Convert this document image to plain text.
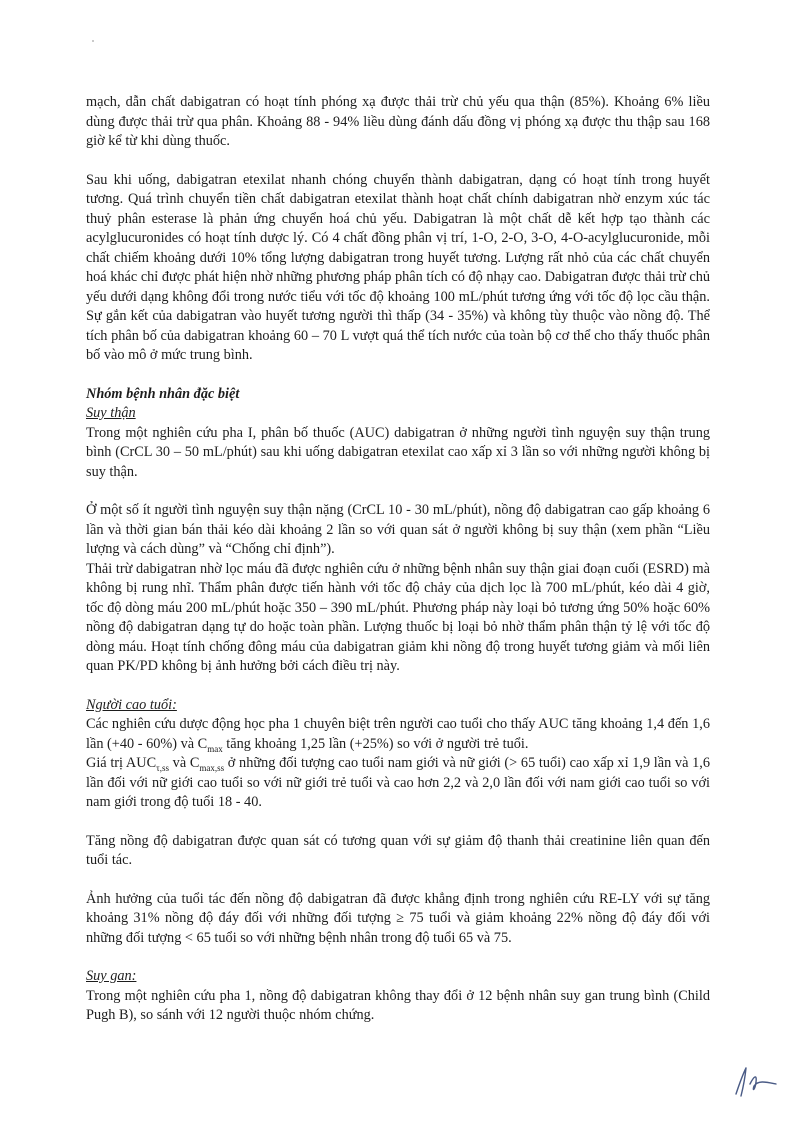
mạch, dẫn chất dabigatran có hoạt tính phóng xạ được thải trừ chủ yếu qua thận (85%). Khoảng 6% liều dùng được thải trừ qua phân. Khoảng 88 - 94% liều dùng đánh dấu đồng vị phóng xạ được thu thập sau 168 giờ kể từ khi dùng thuốc.

Sau khi uống, dabigatran etexilat nhanh chóng chuyển thành dabigatran, dạng có hoạt tính trong huyết tương. Quá trình chuyển tiền chất dabigatran etexilat thành hoạt chất chính dabigatran nhờ enzym xúc tác thuỷ phân esterase là phản ứng chuyển hoá chủ yếu. Dabigatran là một chất dễ kết hợp tạo thành các acylglucuronides có hoạt tính dược lý. Có 4 chất đồng phân vị trí, 1-O, 2-O, 3-O, 4-O-acylglucuronide, mỗi chất chiếm khoảng dưới 10% tổng lượng dabigatran trong huyết tương. Lượng rất nhỏ của các chất chuyển hoá khác chỉ được phát hiện nhờ những phương pháp phân tích có độ nhạy cao. Dabigatran được thải trừ chủ yếu dưới dạng không đổi trong nước tiểu với tốc độ khoảng 100 mL/phút tương ứng với tốc độ lọc cầu thận. Sự gắn kết của dabigatran vào huyết tương người thì thấp (34 - 35%) và không tùy thuộc vào nồng độ. Thể tích phân bố của dabigatran khoảng 60 – 70 L vượt quá thể tích nước của toàn bộ cơ thể cho thấy thuốc phân bố vào mô ở mức trung bình.

Nhóm bệnh nhân đặc biệt

Suy thận

Trong một nghiên cứu pha I, phân bố thuốc (AUC) dabigatran ở những người tình nguyện suy thận trung bình (CrCL 30 – 50 mL/phút) sau khi uống dabigatran etexilat cao xấp xỉ 3 lần so với những người không bị suy thận.

Ở một số ít người tình nguyện suy thận nặng (CrCL 10 - 30 mL/phút), nồng độ dabigatran cao gấp khoảng 6 lần và thời gian bán thải kéo dài khoảng 2 lần so với quan sát ở người không bị suy thận (xem phần “Liều lượng và cách dùng” và “Chống chỉ định”).

Thải trừ dabigatran nhờ lọc máu đã được nghiên cứu ở những bệnh nhân suy thận giai đoạn cuối (ESRD) mà không bị rung nhĩ. Thẩm phân được tiến hành với tốc độ chảy của dịch lọc là 700 mL/phút, kéo dài 4 giờ, tốc độ dòng máu 200 mL/phút hoặc 350 – 390 mL/phút. Phương pháp này loại bỏ tương ứng 50% hoặc 60% nồng độ dabigatran dạng tự do hoặc toàn phần. Lượng thuốc bị loại bỏ nhờ thẩm phân thận tỷ lệ với tốc độ dòng máu. Hoạt tính chống đông máu của dabigatran giảm khi nồng độ trong huyết tương giảm và mối liên quan PK/PD không bị ảnh hưởng bởi cách điều trị này.

Người cao tuổi:

Các nghiên cứu dược động học pha 1 chuyên biệt trên người cao tuổi cho thấy AUC tăng khoảng 1,4 đến 1,6 lần (+40 - 60%) và $C_{max}$ tăng khoảng 1,25 lần (+25%) so với ở người trẻ tuổi.

Giá trị $AUC_{\tau,ss}$ và $C_{max,ss}$ ở những đối tượng cao tuổi nam giới và nữ giới (> 65 tuổi) cao xấp xỉ 1,9 lần và 1,6 lần đối với nữ giới cao tuổi so với nữ giới trẻ tuổi và cao hơn 2,2 và 2,0 lần đối với nam giới cao tuổi so với nam giới trong độ tuổi 18 - 40.

Tăng nồng độ dabigatran được quan sát có tương quan với sự giảm độ thanh thải creatinine liên quan đến tuổi tác.

Ảnh hưởng của tuổi tác đến nồng độ dabigatran đã được khẳng định trong nghiên cứu RE-LY với sự tăng khoảng 31% nồng độ đáy đối với những đối tượng ≥ 75 tuổi và giảm khoảng 22% nồng độ đáy đối với những đối tượng < 65 tuổi so với những bệnh nhân trong độ tuổi 65 và 75.

Suy gan:

Trong một nghiên cứu pha 1, nồng độ dabigatran không thay đổi ở 12 bệnh nhân suy gan trung bình (Child Pugh B), so sánh với 12 người thuộc nhóm chứng.
